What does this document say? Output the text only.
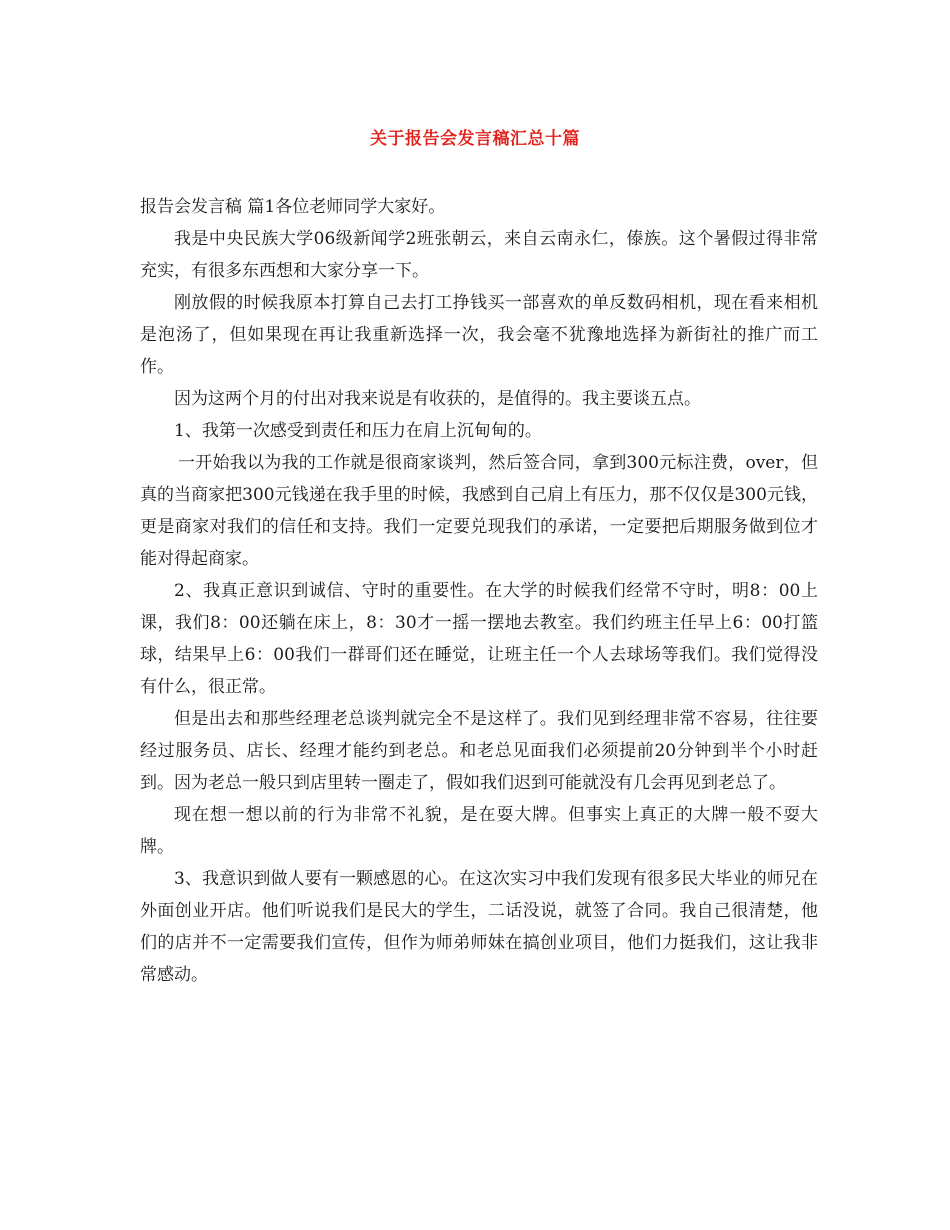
关于报告会发言稿汇总十篇

报告会发言稿 篇1各位老师同学大家好。

我是中央民族大学06级新闻学2班张朝云，来自云南永仁，傣族。这个暑假过得非常充实，有很多东西想和大家分享一下。

刚放假的时候我原本打算自己去打工挣钱买一部喜欢的单反数码相机，现在看来相机是泡汤了，但如果现在再让我重新选择一次，我会毫不犹豫地选择为新街社的推广而工作。

因为这两个月的付出对我来说是有收获的，是值得的。我主要谈五点。

1、我第一次感受到责任和压力在肩上沉甸甸的。

一开始我以为我的工作就是很商家谈判，然后签合同，拿到300元标注费，over，但真的当商家把300元钱递在我手里的时候，我感到自己肩上有压力，那不仅仅是300元钱，更是商家对我们的信任和支持。我们一定要兑现我们的承诺，一定要把后期服务做到位才能对得起商家。

2、我真正意识到诚信、守时的重要性。在大学的时候我们经常不守时，明8：00上课，我们8：00还躺在床上，8：30才一摇一摆地去教室。我们约班主任早上6：00打篮球，结果早上6：00我们一群哥们还在睡觉，让班主任一个人去球场等我们。我们觉得没有什么，很正常。

但是出去和那些经理老总谈判就完全不是这样了。我们见到经理非常不容易，往往要经过服务员、店长、经理才能约到老总。和老总见面我们必须提前20分钟到半个小时赶到。因为老总一般只到店里转一圈走了，假如我们迟到可能就没有几会再见到老总了。

现在想一想以前的行为非常不礼貌，是在耍大牌。但事实上真正的大牌一般不耍大牌。

3、我意识到做人要有一颗感恩的心。在这次实习中我们发现有很多民大毕业的师兄在外面创业开店。他们听说我们是民大的学生，二话没说，就签了合同。我自己很清楚，他们的店并不一定需要我们宣传，但作为师弟师妹在搞创业项目，他们力挺我们，这让我非常感动。
